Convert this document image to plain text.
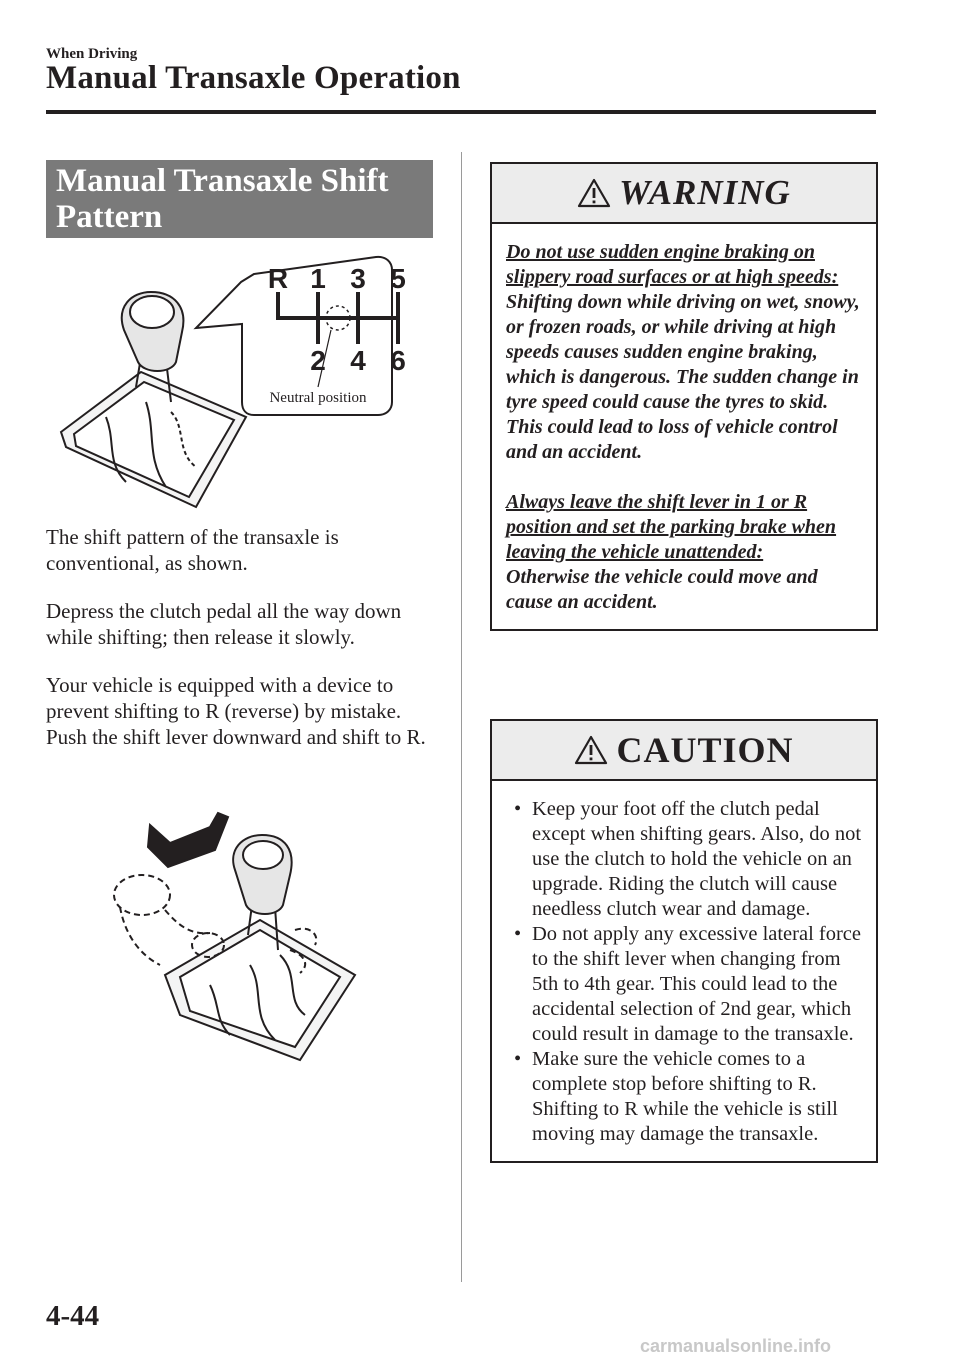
When Driving
Manual Transaxle Operation
Manual Transaxle Shift Pattern
R 1 3 5
2 4 6
Neutral position
The shift pattern of the transaxle is conventional, as shown.
Depress the clutch pedal all the way down while shifting; then release it slowly.
Your vehicle is equipped with a device to prevent shifting to R (reverse) by mistake. Push the shift lever downward and shift to R.
WARNING

Do not use sudden engine braking on slippery road surfaces or at high speeds:

Shifting down while driving on wet, snowy, or frozen roads, or while driving at high speeds causes sudden engine braking, which is dangerous. The sudden change in tyre speed could cause the tyres to skid. This could lead to loss of vehicle control and an accident.

Always leave the shift lever in 1 or R position and set the parking brake when leaving the vehicle unattended:

Otherwise the vehicle could move and cause an accident.

CAUTION

• Keep your foot off the clutch pedal except when shifting gears. Also, do not use the clutch to hold the vehicle on an upgrade. Riding the clutch will cause needless clutch wear and damage.

• Do not apply any excessive lateral force to the shift lever when changing from 5th to 4th gear. This could lead to the accidental selection of 2nd gear, which could result in damage to the transaxle.

• Make sure the vehicle comes to a complete stop before shifting to R. Shifting to R while the vehicle is still moving may damage the transaxle.

4-44
carmanualsonline.info
